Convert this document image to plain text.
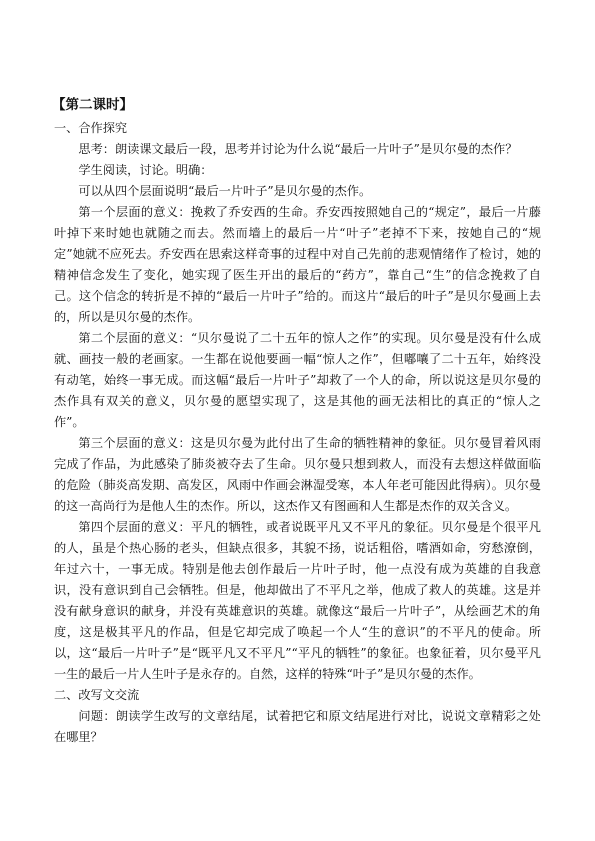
【第二课时】
一、合作探究

思考：朗读课文最后一段，思考并讨论为什么说“最后一片叶子”是贝尔曼的杰作？

学生阅读，讨论。明确：

可以从四个层面说明“最后一片叶子”是贝尔曼的杰作。

第一个层面的意义：挽救了乔安西的生命。乔安西按照她自己的“规定”，最后一片藤叶掉下来时她也就随之而去。然而墙上的最后一片“叶子”老掉不下来，按她自己的“规定”她就不应死去。乔安西在思索这样奇事的过程中对自己先前的悲观情绪作了检讨，她的精神信念发生了变化，她实现了医生开出的最后的“药方”，靠自己“生”的信念挽救了自己。这个信念的转折是不掉的“最后一片叶子”给的。而这片“最后的叶子”是贝尔曼画上去的，所以是贝尔曼的杰作。

第二个层面的意义：“贝尔曼说了二十五年的惊人之作”的实现。贝尔曼是没有什么成就、画技一般的老画家。一生都在说他要画一幅“惊人之作”，但嘟嚷了二十五年，始终没有动笔，始终一事无成。而这幅“最后一片叶子”却救了一个人的命，所以说这是贝尔曼的杰作具有双关的意义，贝尔曼的愿望实现了，这是其他的画无法相比的真正的“惊人之作”。

第三个层面的意义：这是贝尔曼为此付出了生命的牺牲精神的象征。贝尔曼冒着风雨完成了作品，为此感染了肺炎被夺去了生命。贝尔曼只想到救人，而没有去想这样做面临的危险（肺炎高发期、高发区，风雨中作画会淋湿受寒，本人年老可能因此得病）。贝尔曼的这一高尚行为是他人生的杰作。所以，这杰作又有图画和人生都是杰作的双关含义。

第四个层面的意义：平凡的牺牲，或者说既平凡又不平凡的象征。贝尔曼是个很平凡的人，虽是个热心肠的老头，但缺点很多，其貌不扬，说话粗俗，嗜酒如命，穷愁潦倒，年过六十，一事无成。特别是他去创作最后一片叶子时，他一点没有成为英雄的自我意识，没有意识到自己会牺牲。但是，他却做出了不平凡之举，他成了救人的英雄。这是并没有献身意识的献身，并没有英雄意识的英雄。就像这“最后一片叶子”，从绘画艺术的角度，这是极其平凡的作品，但是它却完成了唤起一个人“生的意识”的不平凡的使命。所以，这“最后一片叶子”是“既平凡又不平凡”“平凡的牺牲”的象征。也象征着，贝尔曼平凡一生的最后一片人生叶子是永存的。自然，这样的特殊“叶子”是贝尔曼的杰作。

二、改写文交流

问题：朗读学生改写的文章结尾，试着把它和原文结尾进行对比，说说文章精彩之处在哪里？
